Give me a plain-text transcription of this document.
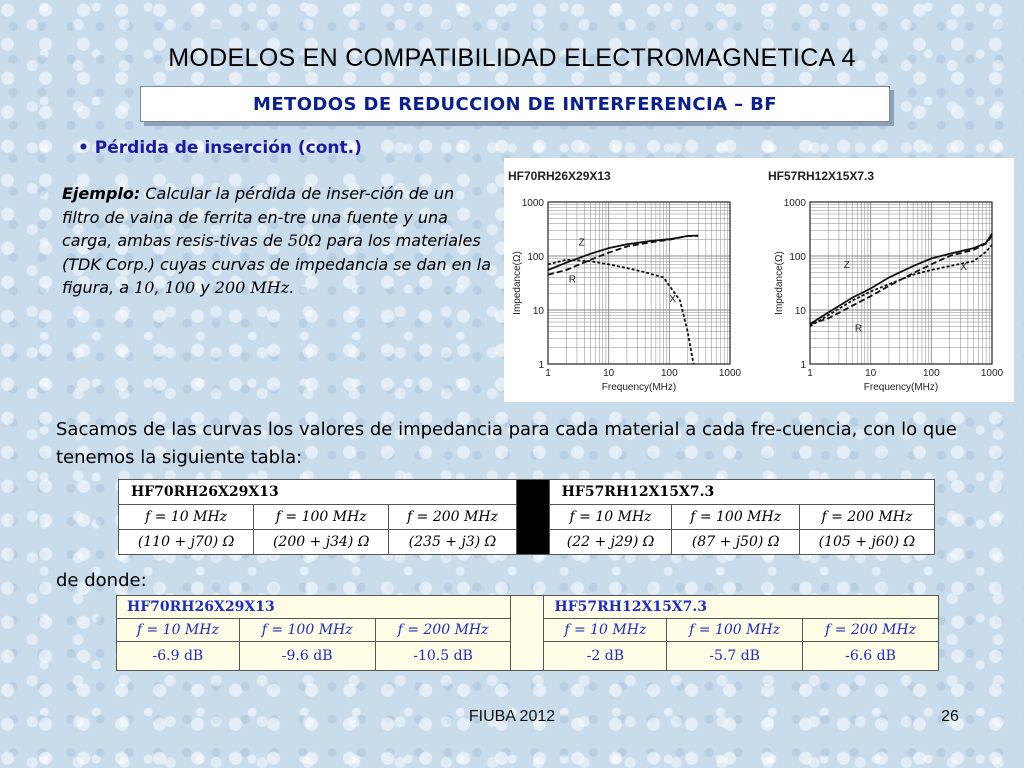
MODELOS EN COMPATIBILIDAD ELECTROMAGNETICA 4
METODOS DE REDUCCION DE INTERFERENCIA – BF
• Pérdida de inserción (cont.)
Ejemplo: Calcular la pérdida de inser-ción de un filtro de vaina de ferrita en-tre una fuente y una carga, ambas resis-tivas de 50Ω para los materiales (TDK Corp.) cuyas curvas de impedancia se dan en la figura, a 10, 100 y 200 MHz.
HF70RH26X29X13
1000
100
10
1
1	10	100	1000
Frequency(MHz)
Impedance(Ω)
HF57RH12X15X7.3
1000
100
10
1
1	10	100	1000
Frequency(MHz)
Impedance(Ω)
Z
R
X
Z	X
R
Sacamos de las curvas los valores de impedancia para cada material a cada fre-cuencia, con lo que tenemos la siguiente tabla:
HF70RH26X29X13				HF57RH12X15X7.3		
f = 10 MHz	f = 100 MHz	f = 200 MHz		f = 10 MHz	f = 100 MHz	f = 200 MHz
(110 + j70) Ω	(200 + j34) Ω	(235 + j3) Ω		(22 + j29) Ω	(87 + j50) Ω	(105 + j60) Ω
de donde:
HF70RH26X29X13				HF57RH12X15X7.3		
f = 10 MHz	f = 100 MHz	f = 200 MHz		f = 10 MHz	f = 100 MHz	f = 200 MHz
-6.9 dB	-9.6 dB	-10.5 dB		-2 dB	-5.7 dB	-6.6 dB
FIUBA 2012	26
